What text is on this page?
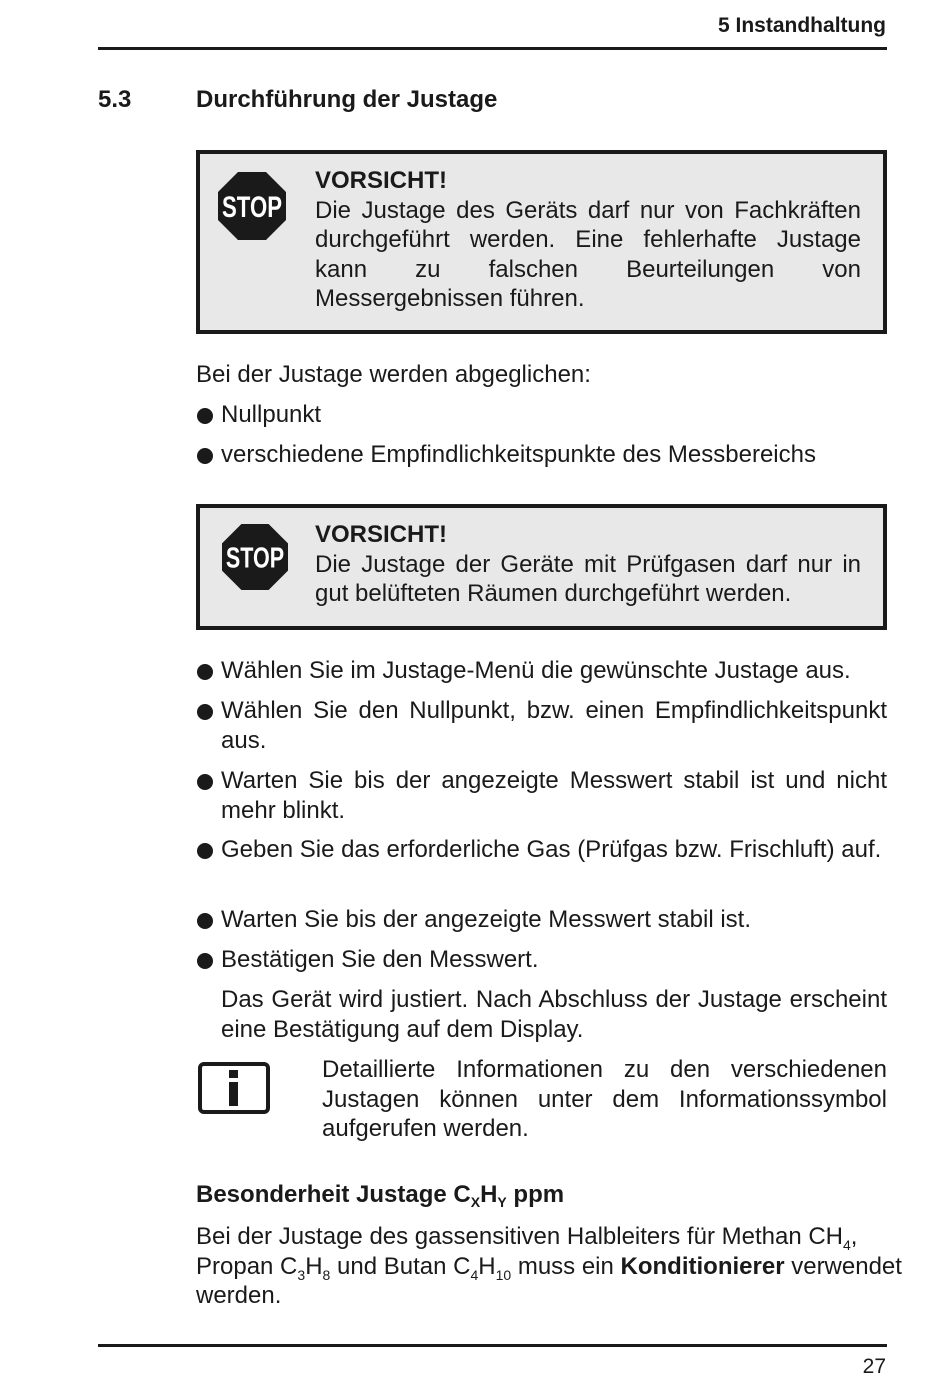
5 Instandhaltung
5.3	Durchführung der Justage
STOP
VORSICHT!
Die Justage des Geräts darf nur von Fachkräften durchgeführt werden. Eine fehlerhafte Justage kann zu falschen Beurteilungen von Messergebnissen führen.
Bei der Justage werden abgeglichen:
Nullpunkt
verschiedene Empfindlichkeitspunkte des Messbereichs
STOP
VORSICHT!
Die Justage der Geräte mit Prüfgasen darf nur in gut belüfteten Räumen durchgeführt werden.
Wählen Sie im Justage-Menü die gewünschte Justage aus.
Wählen Sie den Nullpunkt, bzw. einen Empfindlichkeitspunkt aus.
Warten Sie bis der angezeigte Messwert stabil ist und nicht mehr blinkt.
Geben Sie das erforderliche Gas (Prüfgas bzw. Frischluft) auf.
Warten Sie bis der angezeigte Messwert stabil ist.
Bestätigen Sie den Messwert.
Das Gerät wird justiert. Nach Abschluss der Justage erscheint eine Bestätigung auf dem Display.
Detaillierte Informationen zu den verschiedenen Justagen können unter dem Informationssymbol aufgerufen werden.
Besonderheit Justage $C_XH_Y$ ppm
Bei der Justage des gassensitiven Halbleiters für Methan $CH_4$,
Propan $C_3H_8$ und Butan $C_4H_{10}$ muss ein Konditionierer verwendet
werden.
27
